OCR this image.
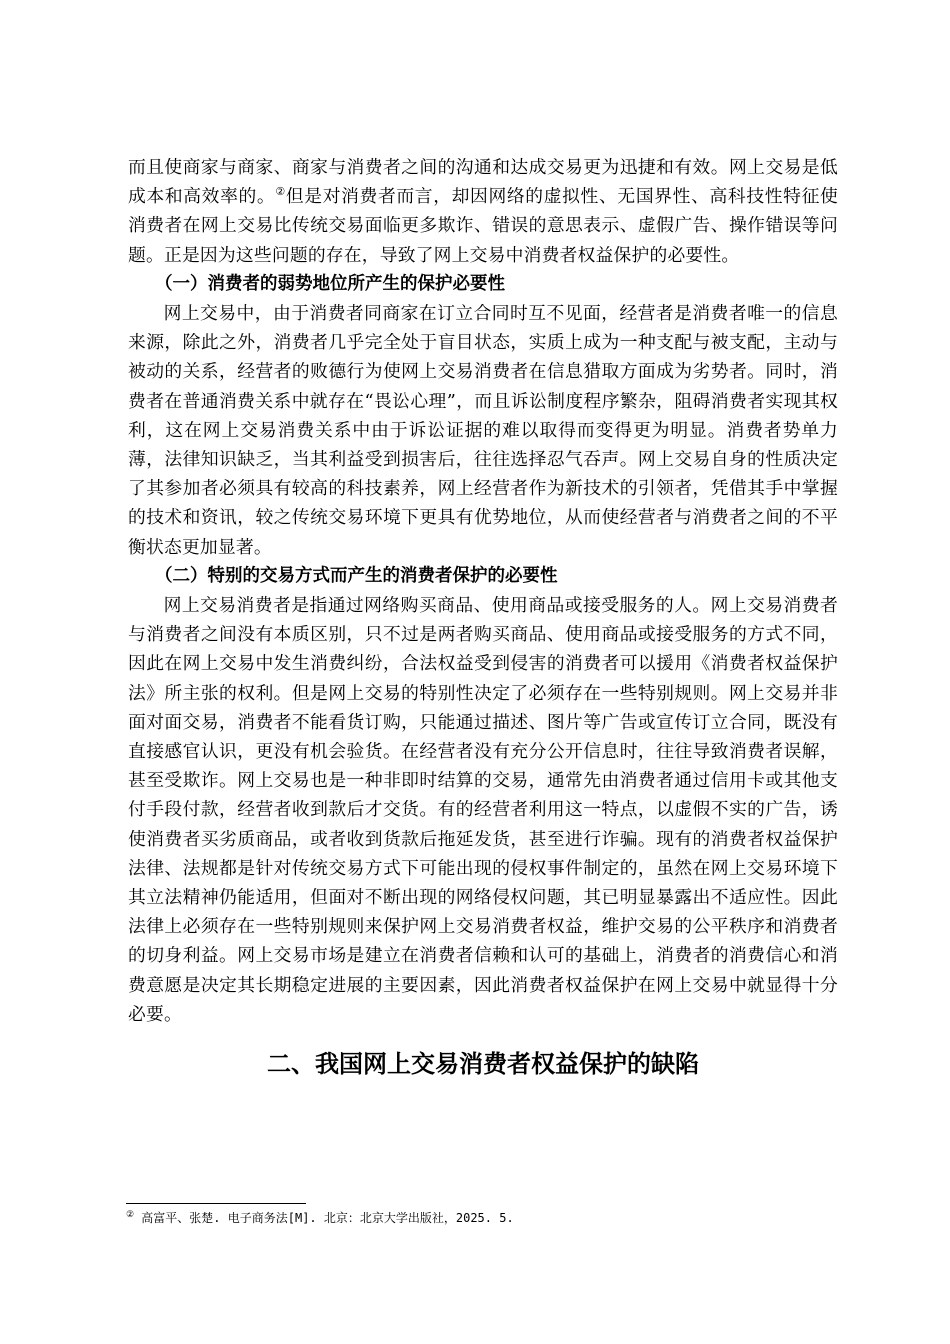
而且使商家与商家、商家与消费者之间的沟通和达成交易更为迅捷和有效。网上交易是低成本和高效率的。②但是对消费者而言，却因网络的虚拟性、无国界性、高科技性特征使消费者在网上交易比传统交易面临更多欺诈、错误的意思表示、虚假广告、操作错误等问题。正是因为这些问题的存在，导致了网上交易中消费者权益保护的必要性。

（一）消费者的弱势地位所产生的保护必要性

网上交易中，由于消费者同商家在订立合同时互不见面，经营者是消费者唯一的信息来源，除此之外，消费者几乎完全处于盲目状态，实质上成为一种支配与被支配，主动与被动的关系，经营者的败德行为使网上交易消费者在信息猎取方面成为劣势者。同时，消费者在普通消费关系中就存在“畏讼心理”，而且诉讼制度程序繁杂，阻碍消费者实现其权利，这在网上交易消费关系中由于诉讼证据的难以取得而变得更为明显。消费者势单力薄，法律知识缺乏，当其利益受到损害后，往往选择忍气吞声。网上交易自身的性质决定了其参加者必须具有较高的科技素养，网上经营者作为新技术的引领者，凭借其手中掌握的技术和资讯，较之传统交易环境下更具有优势地位，从而使经营者与消费者之间的不平衡状态更加显著。

（二）特别的交易方式而产生的消费者保护的必要性

网上交易消费者是指通过网络购买商品、使用商品或接受服务的人。网上交易消费者与消费者之间没有本质区别，只不过是两者购买商品、使用商品或接受服务的方式不同，因此在网上交易中发生消费纠纷，合法权益受到侵害的消费者可以援用《消费者权益保护法》所主张的权利。但是网上交易的特别性决定了必须存在一些特别规则。网上交易并非面对面交易，消费者不能看货订购，只能通过描述、图片等广告或宣传订立合同，既没有直接感官认识，更没有机会验货。在经营者没有充分公开信息时，往往导致消费者误解，甚至受欺诈。网上交易也是一种非即时结算的交易，通常先由消费者通过信用卡或其他支付手段付款，经营者收到款后才交货。有的经营者利用这一特点，以虚假不实的广告，诱使消费者买劣质商品，或者收到货款后拖延发货，甚至进行诈骗。现有的消费者权益保护法律、法规都是针对传统交易方式下可能出现的侵权事件制定的，虽然在网上交易环境下其立法精神仍能适用，但面对不断出现的网络侵权问题，其已明显暴露出不适应性。因此法律上必须存在一些特别规则来保护网上交易消费者权益，维护交易的公平秩序和消费者的切身利益。网上交易市场是建立在消费者信赖和认可的基础上，消费者的消费信心和消费意愿是决定其长期稳定进展的主要因素，因此消费者权益保护在网上交易中就显得十分必要。

二、我国网上交易消费者权益保护的缺陷
② 高富平、张楚. 电子商务法[M]. 北京：北京大学出版社，2025. 5.
